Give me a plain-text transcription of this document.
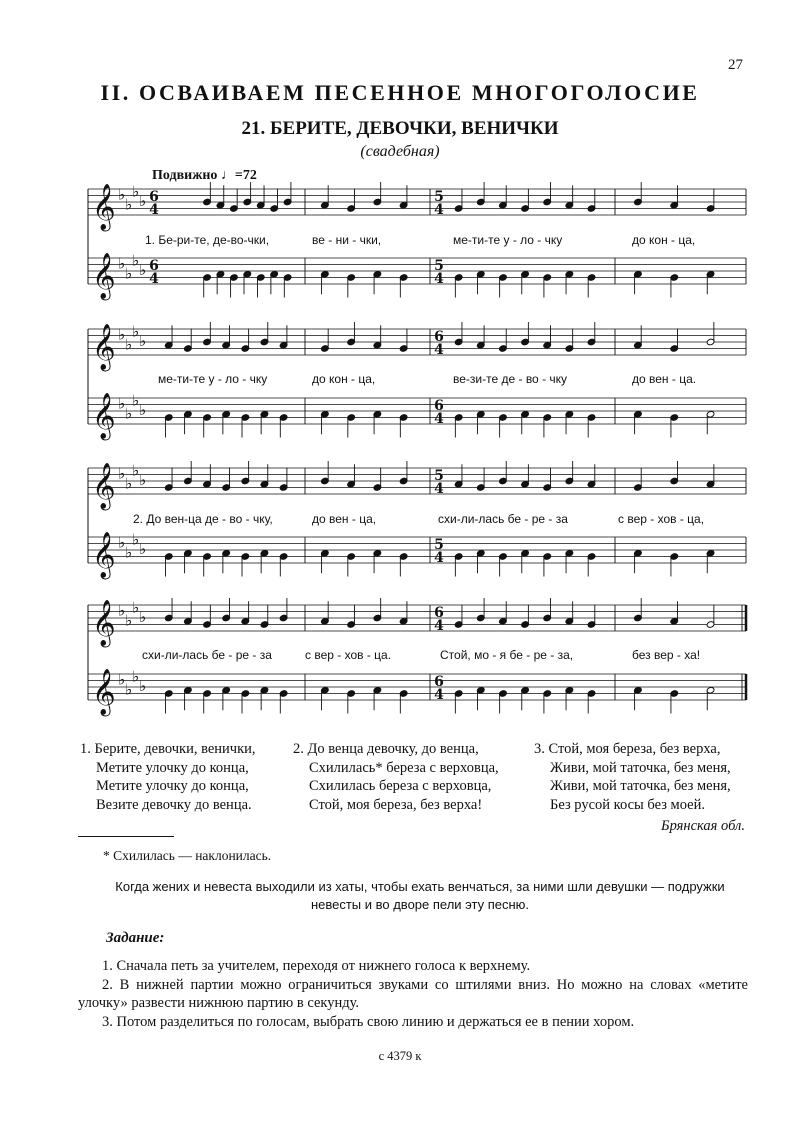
27
II. ОСВАИВАЕМ ПЕСЕННОЕ МНОГОГОЛОСИЕ
21. БЕРИТЕ, ДЕВОЧКИ, ВЕНИЧКИ
(свадебная)
Подвижно ♩=72
𝄞 ♭
♭
♭
♭
𝄞 ♭
♭
♭
♭
6
4
6
4
5
4
5
4
𝄞 ♭
♭
♭
♭
𝄞 ♭
♭
♭
♭
6
4
6
4
𝄞 ♭
♭
♭
♭
𝄞 ♭
♭
♭
♭
5
4
5
4
𝄞 ♭
♭
♭
♭
𝄞 ♭
♭
♭
♭
6
4
6
4
1. Бе-ри-те, де-во-чки,	ве - ни - чки,	ме-ти-те у - ло - чку	до кон - ца,
ме-ти-те у - ло - чку	до кон - ца,	ве-зи-те де - во - чку	до вен - ца.
2. До вен-ца де - во - чку,	до вен - ца,	схи-ли-лась бе - ре - за	с вер - хов - ца,
схи-ли-лась бе - ре - за	с вер - хов - ца.	Стой, мо - я бе - ре - за,	без вер - ха!
1. Берите, девочки, венички,
Метите улочку до конца,
Метите улочку до конца,
Везите девочку до венца.
2. До венца девочку, до венца,
Схилилась* береза с верховца,
Схилилась береза с верховца,
Стой, моя береза, без верха!
3. Стой, моя береза, без верха,
Живи, мой таточка, без меня,
Живи, мой таточка, без меня,
Без русой косы без моей.
Брянская обл.
* Схилилась — наклонилась.
Когда жених и невеста выходили из хаты, чтобы ехать венчаться, за ними шли девушки — подружки невесты и во дворе пели эту песню.
Задание:

1. Сначала петь за учителем, переходя от нижнего голоса к верхнему.

2. В нижней партии можно ограничиться звуками со штилями вниз. Но можно на словах «метите улочку» развести нижнюю партию в секунду.

3. Потом разделиться по голосам, выбрать свою линию и держаться ее в пении хором.

с 4379 к
